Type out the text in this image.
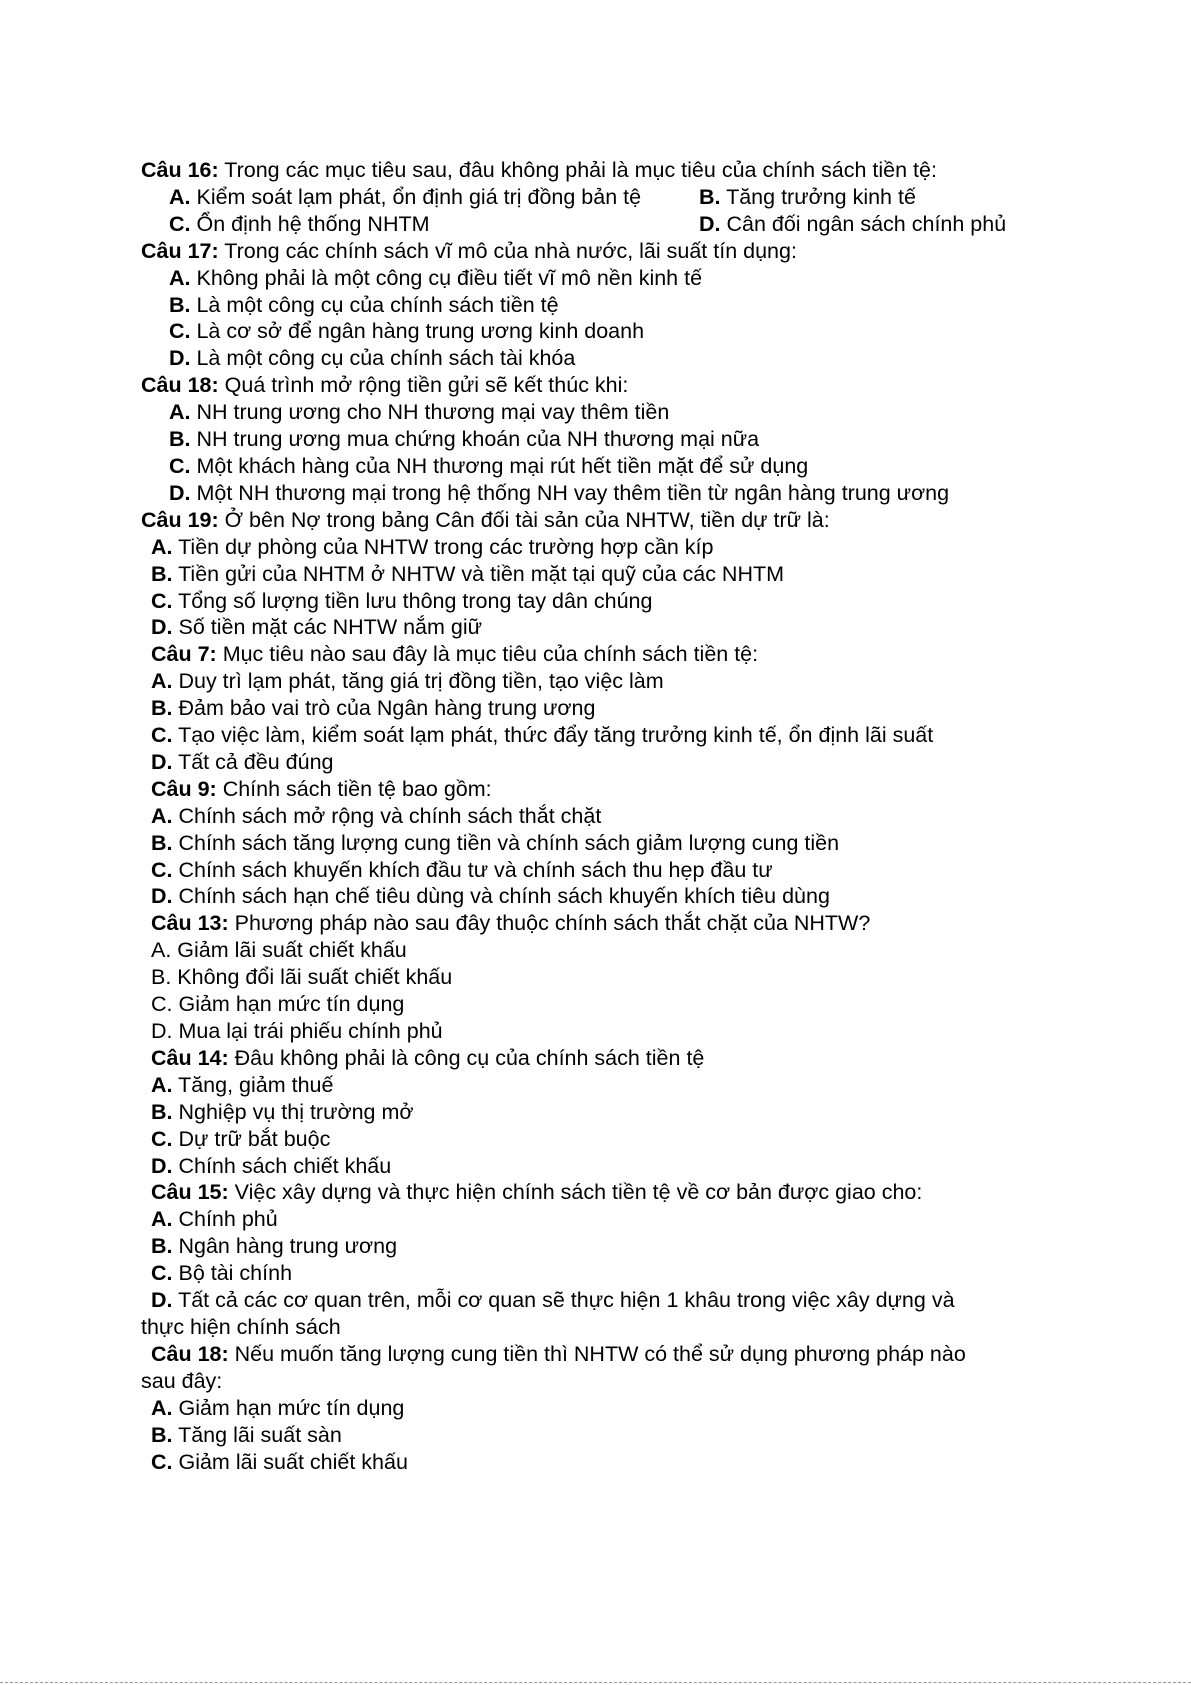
Câu 16: Trong các mục tiêu sau, đâu không phải là mục tiêu của chính sách tiền tệ:
A. Kiểm soát lạm phát, ổn định giá trị đồng bản tệ	B. Tăng trưởng kinh tế
C. Ổn định hệ thống NHTM	D. Cân đối ngân sách chính phủ
Câu 17: Trong các chính sách vĩ mô của nhà nước, lãi suất tín dụng:
A. Không phải là một công cụ điều tiết vĩ mô nền kinh tế
B. Là một công cụ của chính sách tiền tệ
C. Là cơ sở để ngân hàng trung ương kinh doanh
D. Là một công cụ của chính sách tài khóa
Câu 18: Quá trình mở rộng tiền gửi sẽ kết thúc khi:
A. NH trung ương cho NH thương mại vay thêm tiền
B. NH trung ương mua chứng khoán của NH thương mại nữa
C. Một khách hàng của NH thương mại rút hết tiền mặt để sử dụng
D. Một NH thương mại trong hệ thống NH vay thêm tiền từ ngân hàng trung ương
Câu 19: Ở bên Nợ trong bảng Cân đối tài sản của NHTW, tiền dự trữ là:
A. Tiền dự phòng của NHTW trong các trường hợp cần kíp
B. Tiền gửi của NHTM ở NHTW và tiền mặt tại quỹ của các NHTM
C. Tổng số lượng tiền lưu thông trong tay dân chúng
D. Số tiền mặt các NHTW nắm giữ
Câu 7: Mục tiêu nào sau đây là mục tiêu của chính sách tiền tệ:
A. Duy trì lạm phát, tăng giá trị đồng tiền, tạo việc làm
B. Đảm bảo vai trò của Ngân hàng trung ương
C. Tạo việc làm, kiểm soát lạm phát, thức đẩy tăng trưởng kinh tế, ổn định lãi suất
D. Tất cả đều đúng
Câu 9: Chính sách tiền tệ bao gồm:
A. Chính sách mở rộng và chính sách thắt chặt
B. Chính sách tăng lượng cung tiền và chính sách giảm lượng cung tiền
C. Chính sách khuyến khích đầu tư và chính sách thu hẹp đầu tư
D. Chính sách hạn chế tiêu dùng và chính sách khuyến khích tiêu dùng
Câu 13: Phương pháp nào sau đây thuộc chính sách thắt chặt của NHTW?
A. Giảm lãi suất chiết khấu
B. Không đổi lãi suất chiết khấu
C. Giảm hạn mức tín dụng
D. Mua lại trái phiếu chính phủ
Câu 14: Đâu không phải là công cụ của chính sách tiền tệ
A. Tăng, giảm thuế
B. Nghiệp vụ thị trường mở
C. Dự trữ bắt buộc
D. Chính sách chiết khấu
Câu 15: Việc xây dựng và thực hiện chính sách tiền tệ về cơ bản được giao cho:
A. Chính phủ
B. Ngân hàng trung ương
C. Bộ tài chính
D. Tất cả các cơ quan trên, mỗi cơ quan sẽ thực hiện 1 khâu trong việc xây dựng và
thực hiện chính sách
Câu 18: Nếu muốn tăng lượng cung tiền thì NHTW có thể sử dụng phương pháp nào
sau đây:
A. Giảm hạn mức tín dụng
B. Tăng lãi suất sàn
C. Giảm lãi suất chiết khấu
